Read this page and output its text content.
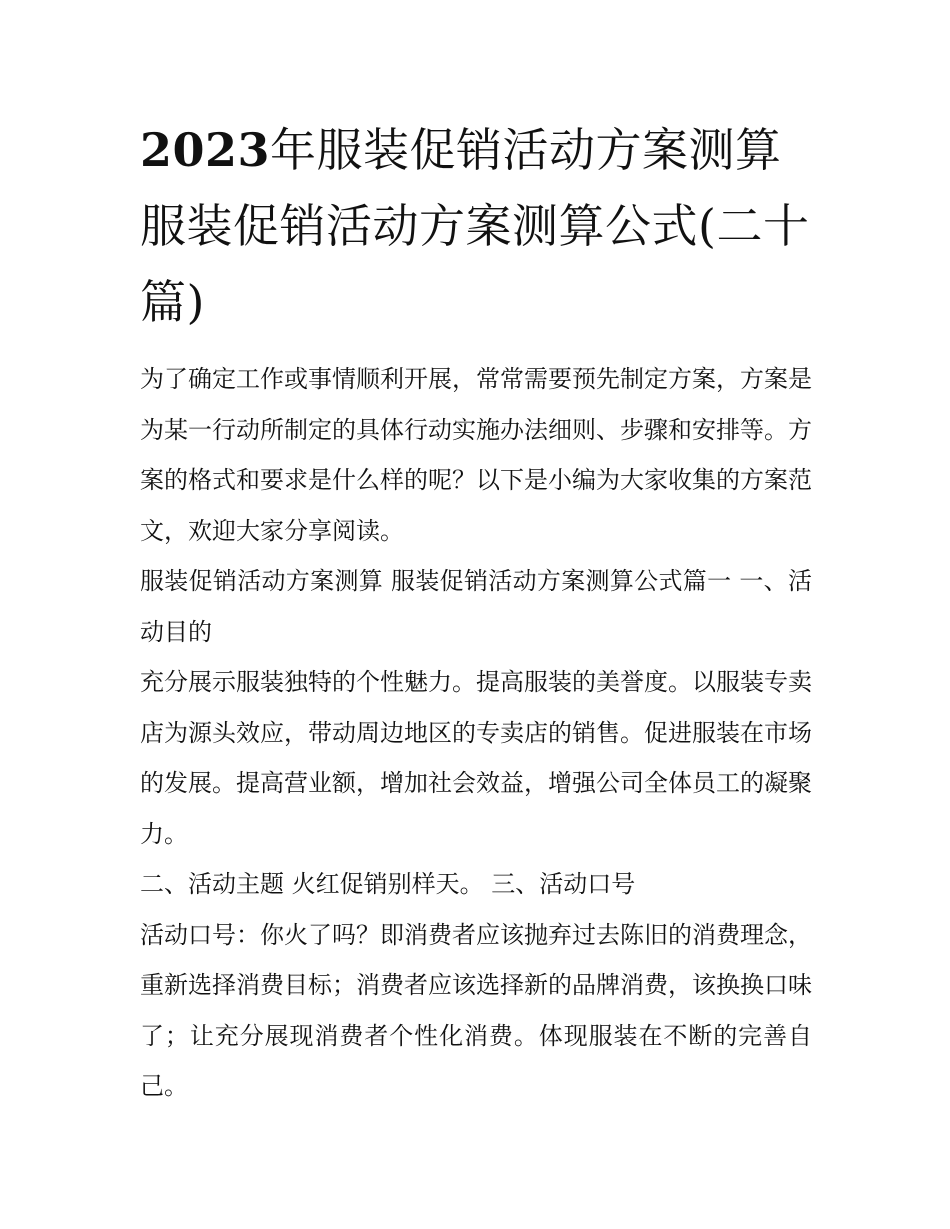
2023年服装促销活动方案测算 服装促销活动方案测算公式(二十篇)

为了确定工作或事情顺利开展，常常需要预先制定方案，方案是为某一行动所制定的具体行动实施办法细则、步骤和安排等。方案的格式和要求是什么样的呢？以下是小编为大家收集的方案范文，欢迎大家分享阅读。

服装促销活动方案测算 服装促销活动方案测算公式篇一 一、活动目的

充分展示服装独特的个性魅力。提高服装的美誉度。以服装专卖店为源头效应，带动周边地区的专卖店的销售。促进服装在市场的发展。提高营业额，增加社会效益，增强公司全体员工的凝聚力。

二、活动主题 火红促销别样天。 三、活动口号

活动口号：你火了吗？即消费者应该抛弃过去陈旧的消费理念，重新选择消费目标；消费者应该选择新的品牌消费，该换换口味了；让充分展现消费者个性化消费。体现服装在不断的完善自己。
